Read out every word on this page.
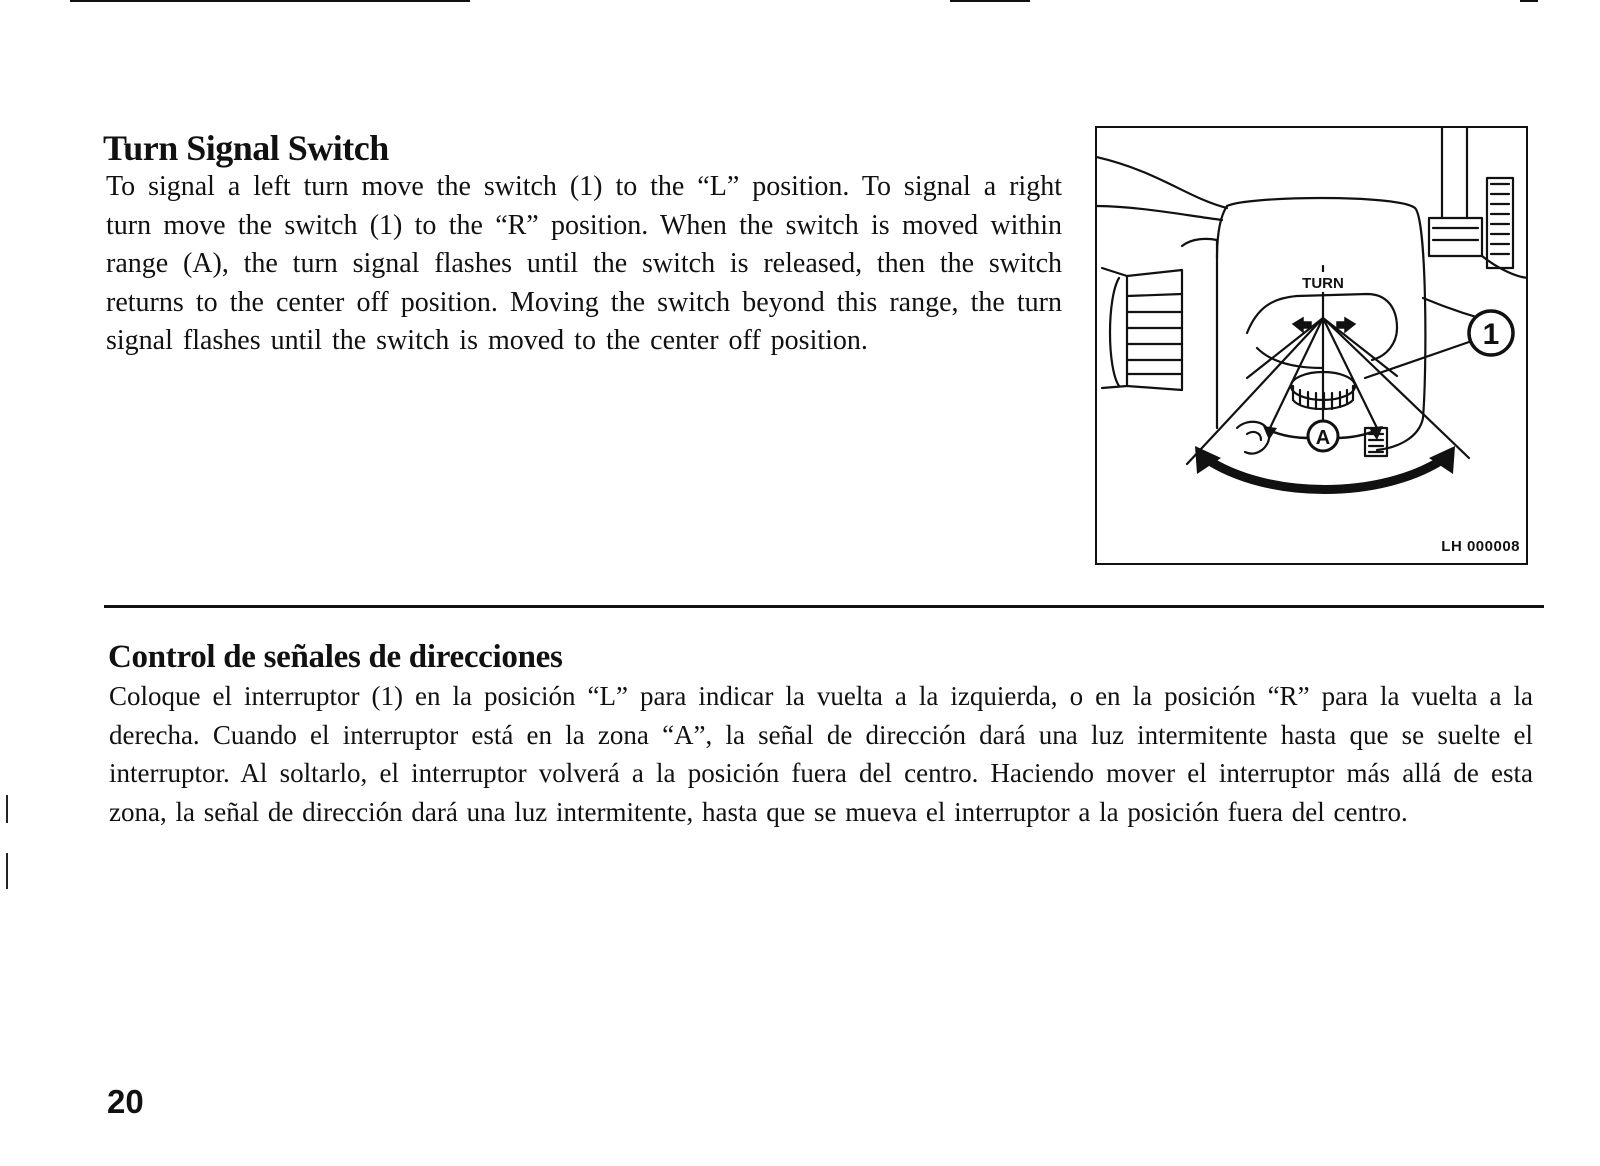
Turn Signal Switch

To signal a left turn move the switch (1) to the “L” position. To signal a right turn move the switch (1) to the “R” position. When the switch is moved within range (A), the turn signal flashes until the switch is released, then the switch returns to the center off position. Moving the switch beyond this range, the turn signal flashes until the switch is moved to the center off position.

TURN
1
A
LH 000008
Control de señales de direcciones

Coloque el interruptor (1) en la posición “L” para indicar la vuelta a la izquierda, o en la posición “R” para la vuelta a la derecha. Cuando el interruptor está en la zona “A”, la señal de dirección dará una luz intermitente hasta que se suelte el interruptor. Al soltarlo, el interruptor volverá a la posición fuera del centro. Haciendo mover el interruptor más allá de esta zona, la señal de dirección dará una luz intermitente, hasta que se mueva el interruptor a la posición fuera del centro.

20
